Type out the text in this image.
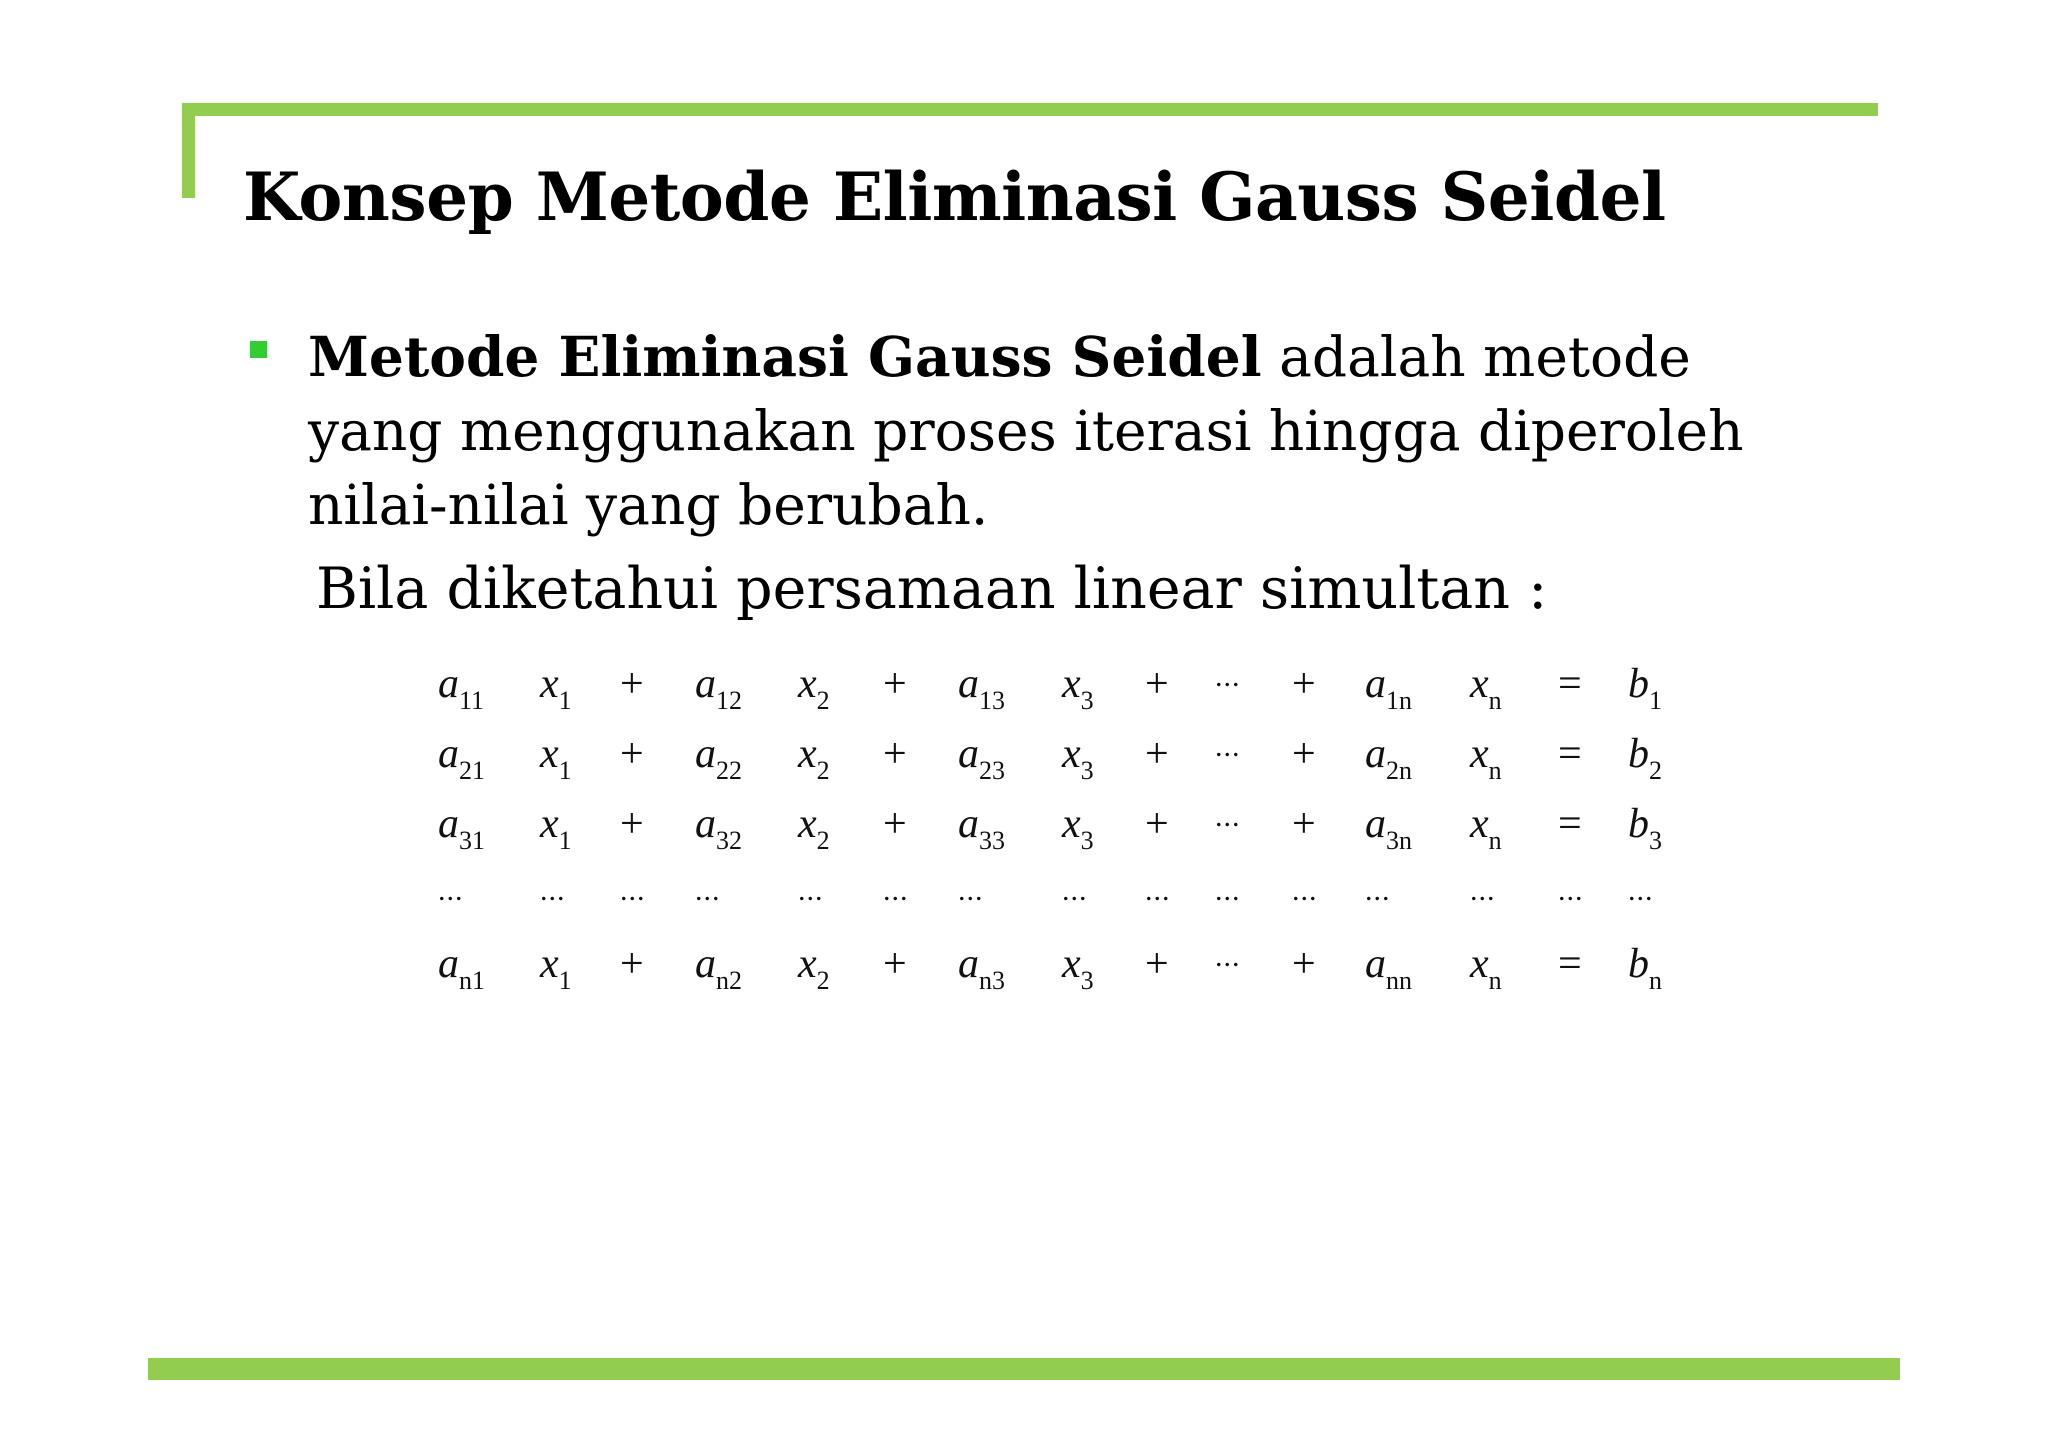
Konsep Metode Eliminasi Gauss Seidel
Metode Eliminasi Gauss Seidel adalah metode yang menggunakan proses iterasi hingga diperoleh nilai-nilai yang berubah.
Bila diketahui persamaan linear simultan :
$a_{11}$ $x_1 + a_{12}$ $x_2 + a_{13}$ $x_3$ + ... + $a_{1n}$ $x_n = b_1$
$a_{21}$ $x_1 + a_{22}$ $x_2 + a_{23}$ $x_3$ + ... + $a_{2n}$ $x_n = b_2$
$a_{31}$ $x_1 + a_{32}$ $x_2 + a_{33}$ $x_3$ + ... + $a_{3n}$ $x_n = b_3$
...	... ... ...	... ... ...	... ... ... ... ...	... ... ...
$a_{n1}$ $x_1 + a_{n2}$ $x_2 + a_{n3}$ $x_3$ + ... + $a_{nn}$ $x_n = b_n$
